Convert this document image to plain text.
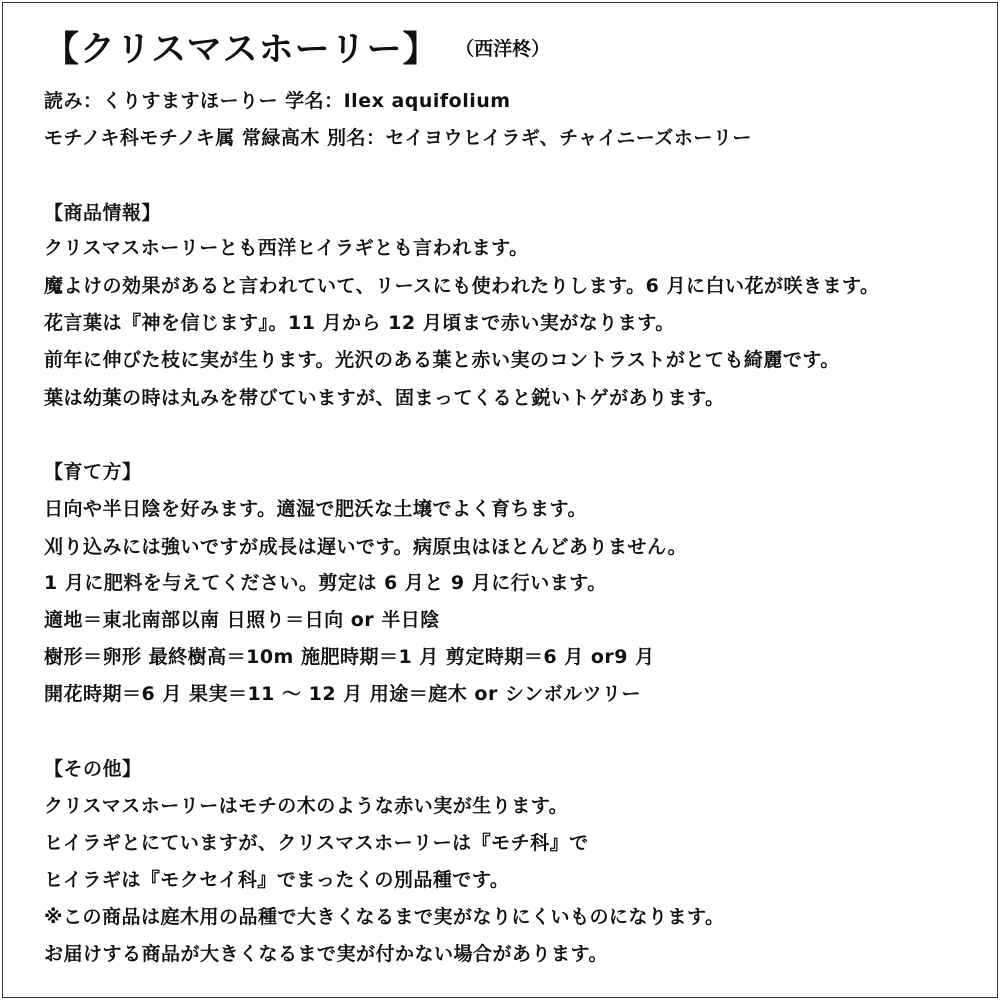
【クリスマスホーリー】 （西洋柊）
読み：くりすますほーりー 学名：Ilex aquifolium
モチノキ科モチノキ属 常緑高木 別名：セイヨウヒイラギ、チャイニーズホーリー
【商品情報】
クリスマスホーリーとも西洋ヒイラギとも言われます。
魔よけの効果があると言われていて、リースにも使われたりします。6 月に白い花が咲きます。
花言葉は『神を信じます』。11 月から 12 月頃まで赤い実がなります。
前年に伸びた枝に実が生ります。光沢のある葉と赤い実のコントラストがとても綺麗です。
葉は幼葉の時は丸みを帯びていますが、固まってくると鋭いトゲがあります。
【育て方】
日向や半日陰を好みます。適湿で肥沃な土壌でよく育ちます。
刈り込みには強いですが成長は遅いです。病原虫はほとんどありません。
1 月に肥料を与えてください。剪定は 6 月と 9 月に行います。
適地＝東北南部以南 日照り＝日向 or 半日陰
樹形＝卵形 最終樹高＝10m 施肥時期＝1 月 剪定時期＝6 月 or9 月
開花時期＝6 月 果実＝11 ～ 12 月 用途＝庭木 or シンボルツリー
【その他】
クリスマスホーリーはモチの木のような赤い実が生ります。
ヒイラギとにていますが、クリスマスホーリーは『モチ科』で
ヒイラギは『モクセイ科』でまったくの別品種です。
※この商品は庭木用の品種で大きくなるまで実がなりにくいものになります。
お届けする商品が大きくなるまで実が付かない場合があります。
